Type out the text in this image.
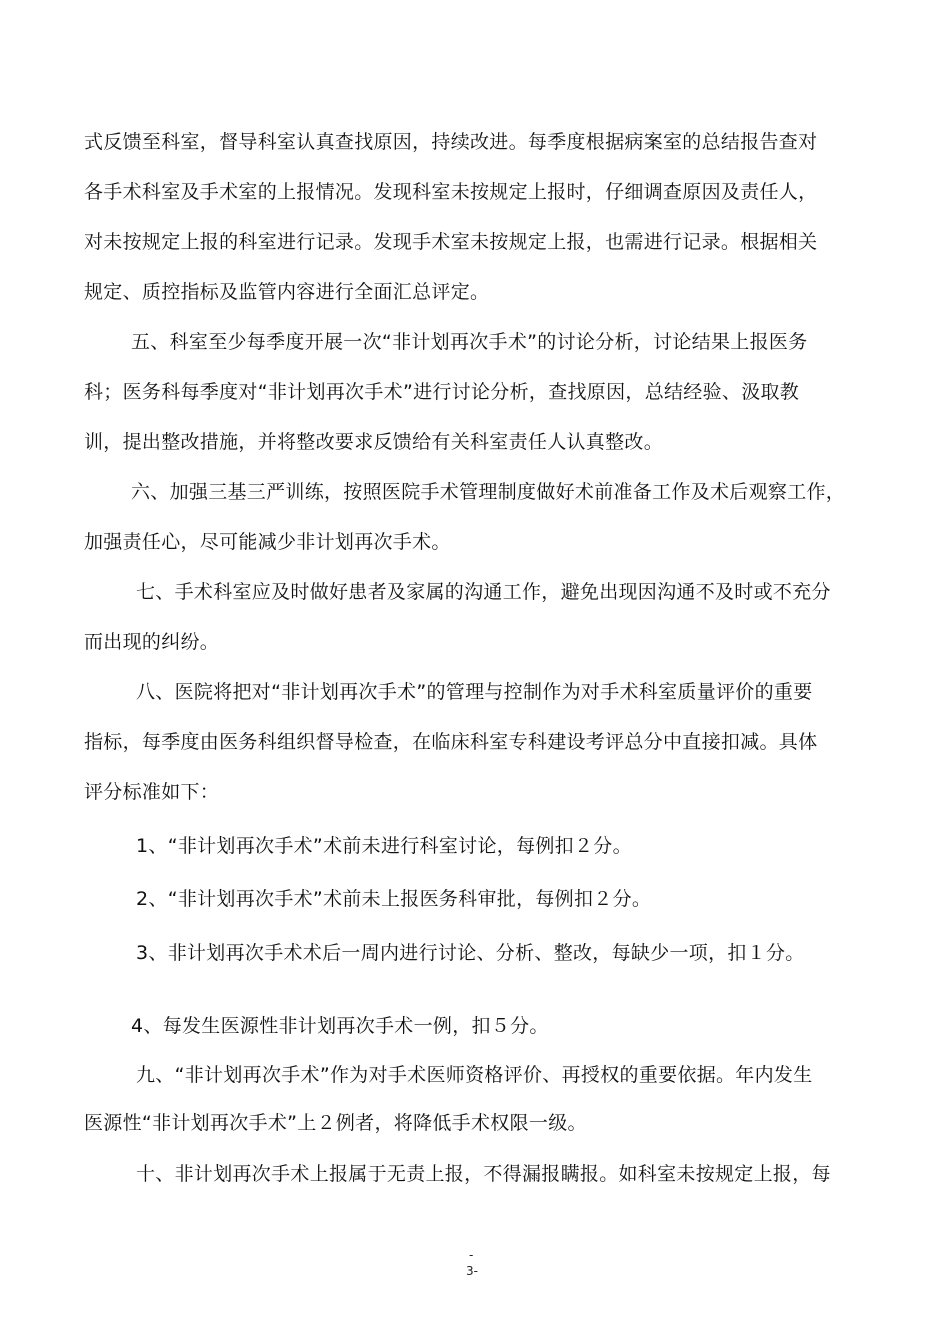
式反馈至科室，督导科室认真查找原因，持续改进。每季度根据病案室的总结报告查对
各手术科室及手术室的上报情况。发现科室未按规定上报时，仔细调查原因及责任人，
对未按规定上报的科室进行记录。发现手术室未按规定上报，也需进行记录。根据相关
规定、质控指标及监管内容进行全面汇总评定。
五、科室至少每季度开展一次“非计划再次手术”的讨论分析，讨论结果上报医务
科；医务科每季度对“非计划再次手术”进行讨论分析，查找原因，总结经验、汲取教
训，提出整改措施，并将整改要求反馈给有关科室责任人认真整改。
六、加强三基三严训练，按照医院手术管理制度做好术前准备工作及术后观察工作，
加强责任心，尽可能减少非计划再次手术。
七、手术科室应及时做好患者及家属的沟通工作，避免出现因沟通不及时或不充分
而出现的纠纷。
八、医院将把对“非计划再次手术”的管理与控制作为对手术科室质量评价的重要
指标，每季度由医务科组织督导检查，在临床科室专科建设考评总分中直接扣减。具体
评分标准如下：
1、“非计划再次手术”术前未进行科室讨论，每例扣２分。
2、“非计划再次手术”术前未上报医务科审批，每例扣２分。
3、非计划再次手术术后一周内进行讨论、分析、整改，每缺少一项，扣１分。
4、每发生医源性非计划再次手术一例，扣５分。
九、“非计划再次手术”作为对手术医师资格评价、再授权的重要依据。年内发生
医源性“非计划再次手术”上２例者，将降低手术权限一级。
十、非计划再次手术上报属于无责上报，不得漏报瞒报。如科室未按规定上报，每
-
3-
